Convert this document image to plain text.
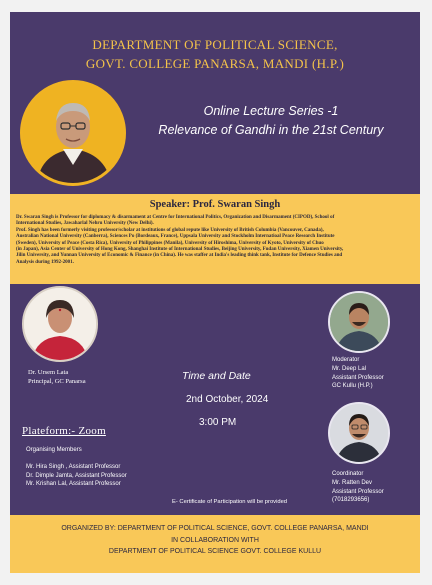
DEPARTMENT OF POLITICAL SCIENCE,
GOVT. COLLEGE PANARSA, MANDI (H.P.)
Online Lecture Series -1
Relevance of Gandhi in the 21st Century
Speaker: Prof. Swaran Singh

Dr. Swaran Singh is Professor for diplomacy & disarmament at Centre for International Politics, Organization and Disarmament (CIPOD), School of

International Studies, Jawaharlal Nehru University (New Delhi).

Prof. Singh has been formerly visiting professor/scholar at institutions of global repute like University of British Columbia (Vancouver, Canada),

Australian National University (Canberra), Sciences Po (Bordeaux, France), Uppsala University and Stockholm Internatioal Peace Research Institute

(Sweden), University of Peace (Costa Rica), University of Philippines (Manila), University of Hiroshima, University of Kyoto, University of Chuo

(in Japan), Asia Center of University of Hong Kong, Shanghai Institute of International Studies, Beijing University, Fudan University, Xiamen University,

Jilin University, and Yunnan University of Economic & Finance (in China). He was staffer at India's leading think tank, Institute for Defence Studies and

Analysis during 1992-2001.

Dr. Ursem Lata
Principal, GC Panarsa	Time and Date
2nd October, 2024
3:00 PM
Plateform:- Zoom
Moderator
Mr. Deep Lal
Assistant Professor
GC Kullu (H.P.)
Coordinator
Mr. Ratten Dev
Assistant Professor
(7018293656)
Organising Members
Mr. Hira Singh , Assistant Professor
Dr. Dimple Jamta, Assistant Professor
Mr. Krishan Lal, Assistant Professor
E- Certificate of Participation will be provided
ORGANIZED BY: DEPARTMENT OF POLITICAL SCIENCE, GOVT. COLLEGE PANARSA, MANDI
IN COLLABORATION WITH
DEPARTMENT OF POLITICAL SCIENCE GOVT. COLLEGE KULLU
